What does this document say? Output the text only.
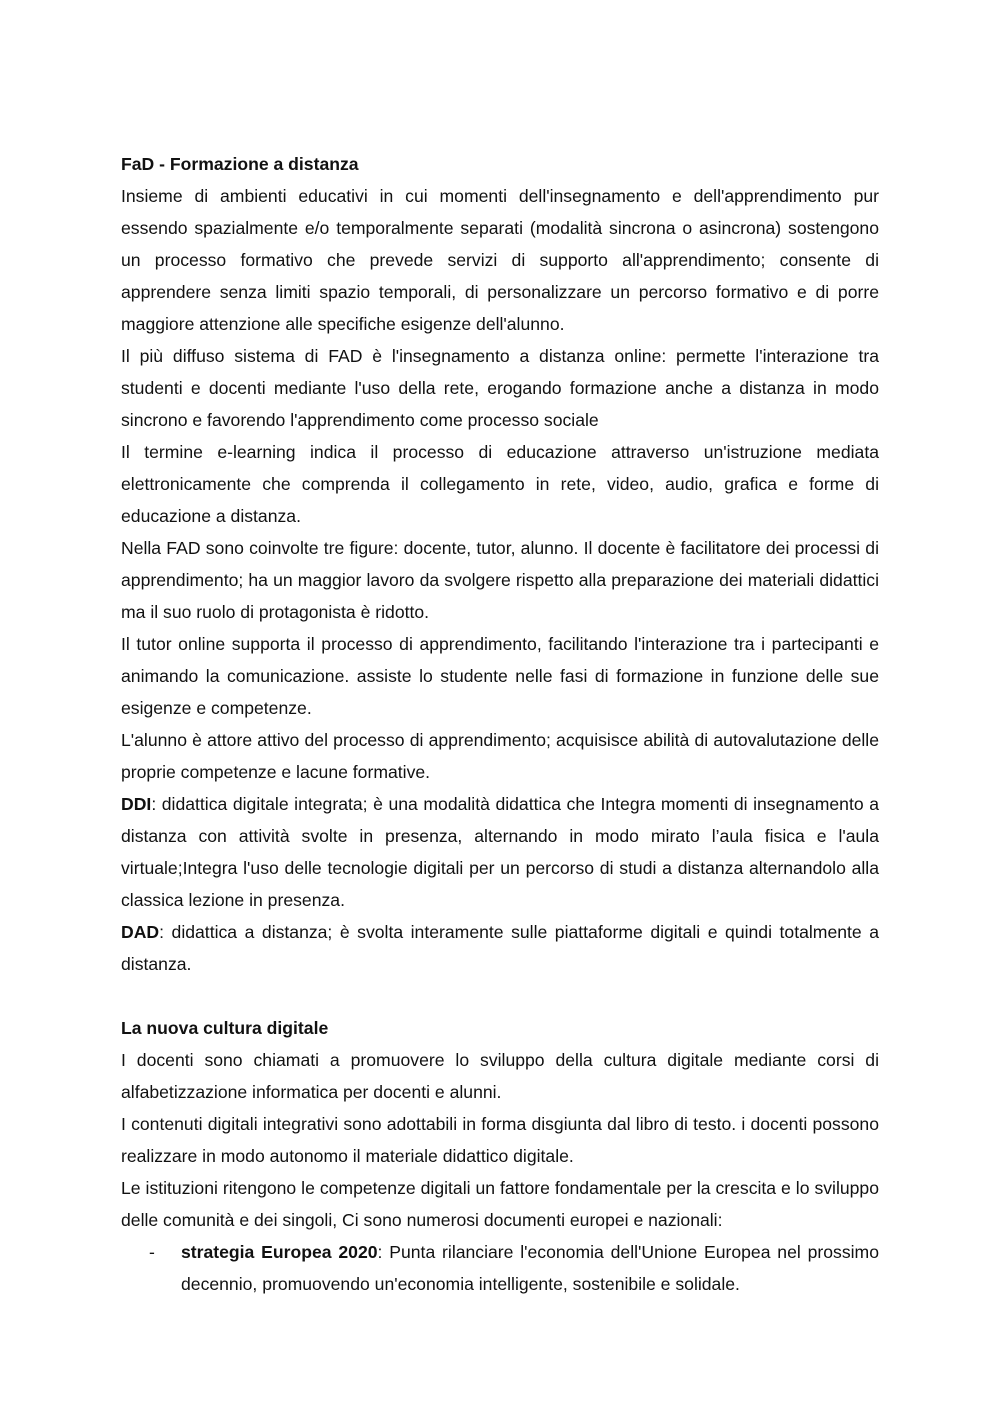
FaD - Formazione a distanza

Insieme di ambienti educativi in cui momenti dell'insegnamento e dell'apprendimento pur essendo spazialmente e/o temporalmente separati (modalità sincrona o asincrona) sostengono un processo formativo che prevede servizi di supporto all'apprendimento; consente di apprendere senza limiti spazio temporali, di personalizzare un percorso formativo e di porre maggiore attenzione alle specifiche esigenze dell'alunno.

Il più diffuso sistema di FAD è l'insegnamento a distanza online: permette l'interazione tra studenti e docenti mediante l'uso della rete, erogando formazione anche a distanza in modo sincrono e favorendo l'apprendimento come processo sociale

Il termine e-learning indica il processo di educazione attraverso un'istruzione mediata elettronicamente che comprenda il collegamento in rete, video, audio, grafica e forme di educazione a distanza.

Nella FAD sono coinvolte tre figure: docente, tutor, alunno. Il docente è facilitatore dei processi di apprendimento; ha un maggior lavoro da svolgere rispetto alla preparazione dei materiali didattici ma il suo ruolo di protagonista è ridotto.

Il tutor online supporta il processo di apprendimento, facilitando l'interazione tra i partecipanti e animando la comunicazione. assiste lo studente nelle fasi di formazione in funzione delle sue esigenze e competenze.

L'alunno è attore attivo del processo di apprendimento; acquisisce abilità di autovalutazione delle proprie competenze e lacune formative.

DDI: didattica digitale integrata; è una modalità didattica che Integra momenti di insegnamento a distanza con attività svolte in presenza, alternando in modo mirato l’aula fisica e l'aula virtuale;Integra l'uso delle tecnologie digitali per un percorso di studi a distanza alternandolo alla classica lezione in presenza.

DAD: didattica a distanza; è svolta interamente sulle piattaforme digitali e quindi totalmente a distanza.

La nuova cultura digitale

I docenti sono chiamati a promuovere lo sviluppo della cultura digitale mediante corsi di alfabetizzazione informatica per docenti e alunni.

I contenuti digitali integrativi sono adottabili in forma disgiunta dal libro di testo. i docenti possono realizzare in modo autonomo il materiale didattico digitale.

Le istituzioni ritengono le competenze digitali un fattore fondamentale per la crescita e lo sviluppo delle comunità e dei singoli, Ci sono numerosi documenti europei e nazionali:

- strategia Europea 2020: Punta rilanciare l'economia dell'Unione Europea nel prossimo decennio, promuovendo un'economia intelligente, sostenibile e solidale.
